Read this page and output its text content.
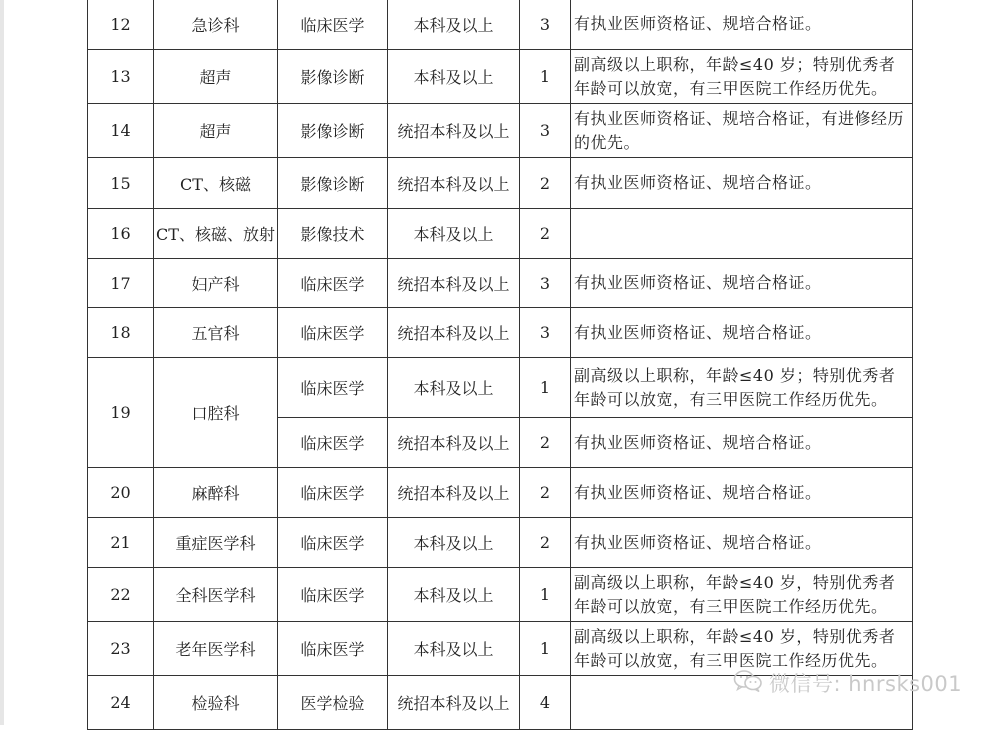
12	急诊科	临床医学	本科及以上	3	有执业医师资格证、规培合格证。
13	超声	影像诊断	本科及以上	1	副高级以上职称，年龄≤40 岁；特别优秀者年龄可以放宽，有三甲医院工作经历优先。
14	超声	影像诊断	统招本科及以上	3	有执业医师资格证、规培合格证，有进修经历的优先。
15	CT、核磁	影像诊断	统招本科及以上	2	有执业医师资格证、规培合格证。
16	CT、核磁、放射	影像技术	本科及以上	2	
17	妇产科	临床医学	统招本科及以上	3	有执业医师资格证、规培合格证。
18	五官科	临床医学	统招本科及以上	3	有执业医师资格证、规培合格证。
19	口腔科	临床医学	本科及以上	1	副高级以上职称，年龄≤40 岁；特别优秀者年龄可以放宽，有三甲医院工作经历优先。
		临床医学	统招本科及以上	2	有执业医师资格证、规培合格证。
20	麻醉科	临床医学	统招本科及以上	2	有执业医师资格证、规培合格证。
21	重症医学科	临床医学	本科及以上	2	有执业医师资格证、规培合格证。
22	全科医学科	临床医学	本科及以上	1	副高级以上职称，年龄≤40 岁，特别优秀者年龄可以放宽，有三甲医院工作经历优先。
23	老年医学科	临床医学	本科及以上	1	副高级以上职称，年龄≤40 岁，特别优秀者年龄可以放宽，有三甲医院工作经历优先。
24	检验科	医学检验	统招本科及以上	4	
微信号: hnrsks001
